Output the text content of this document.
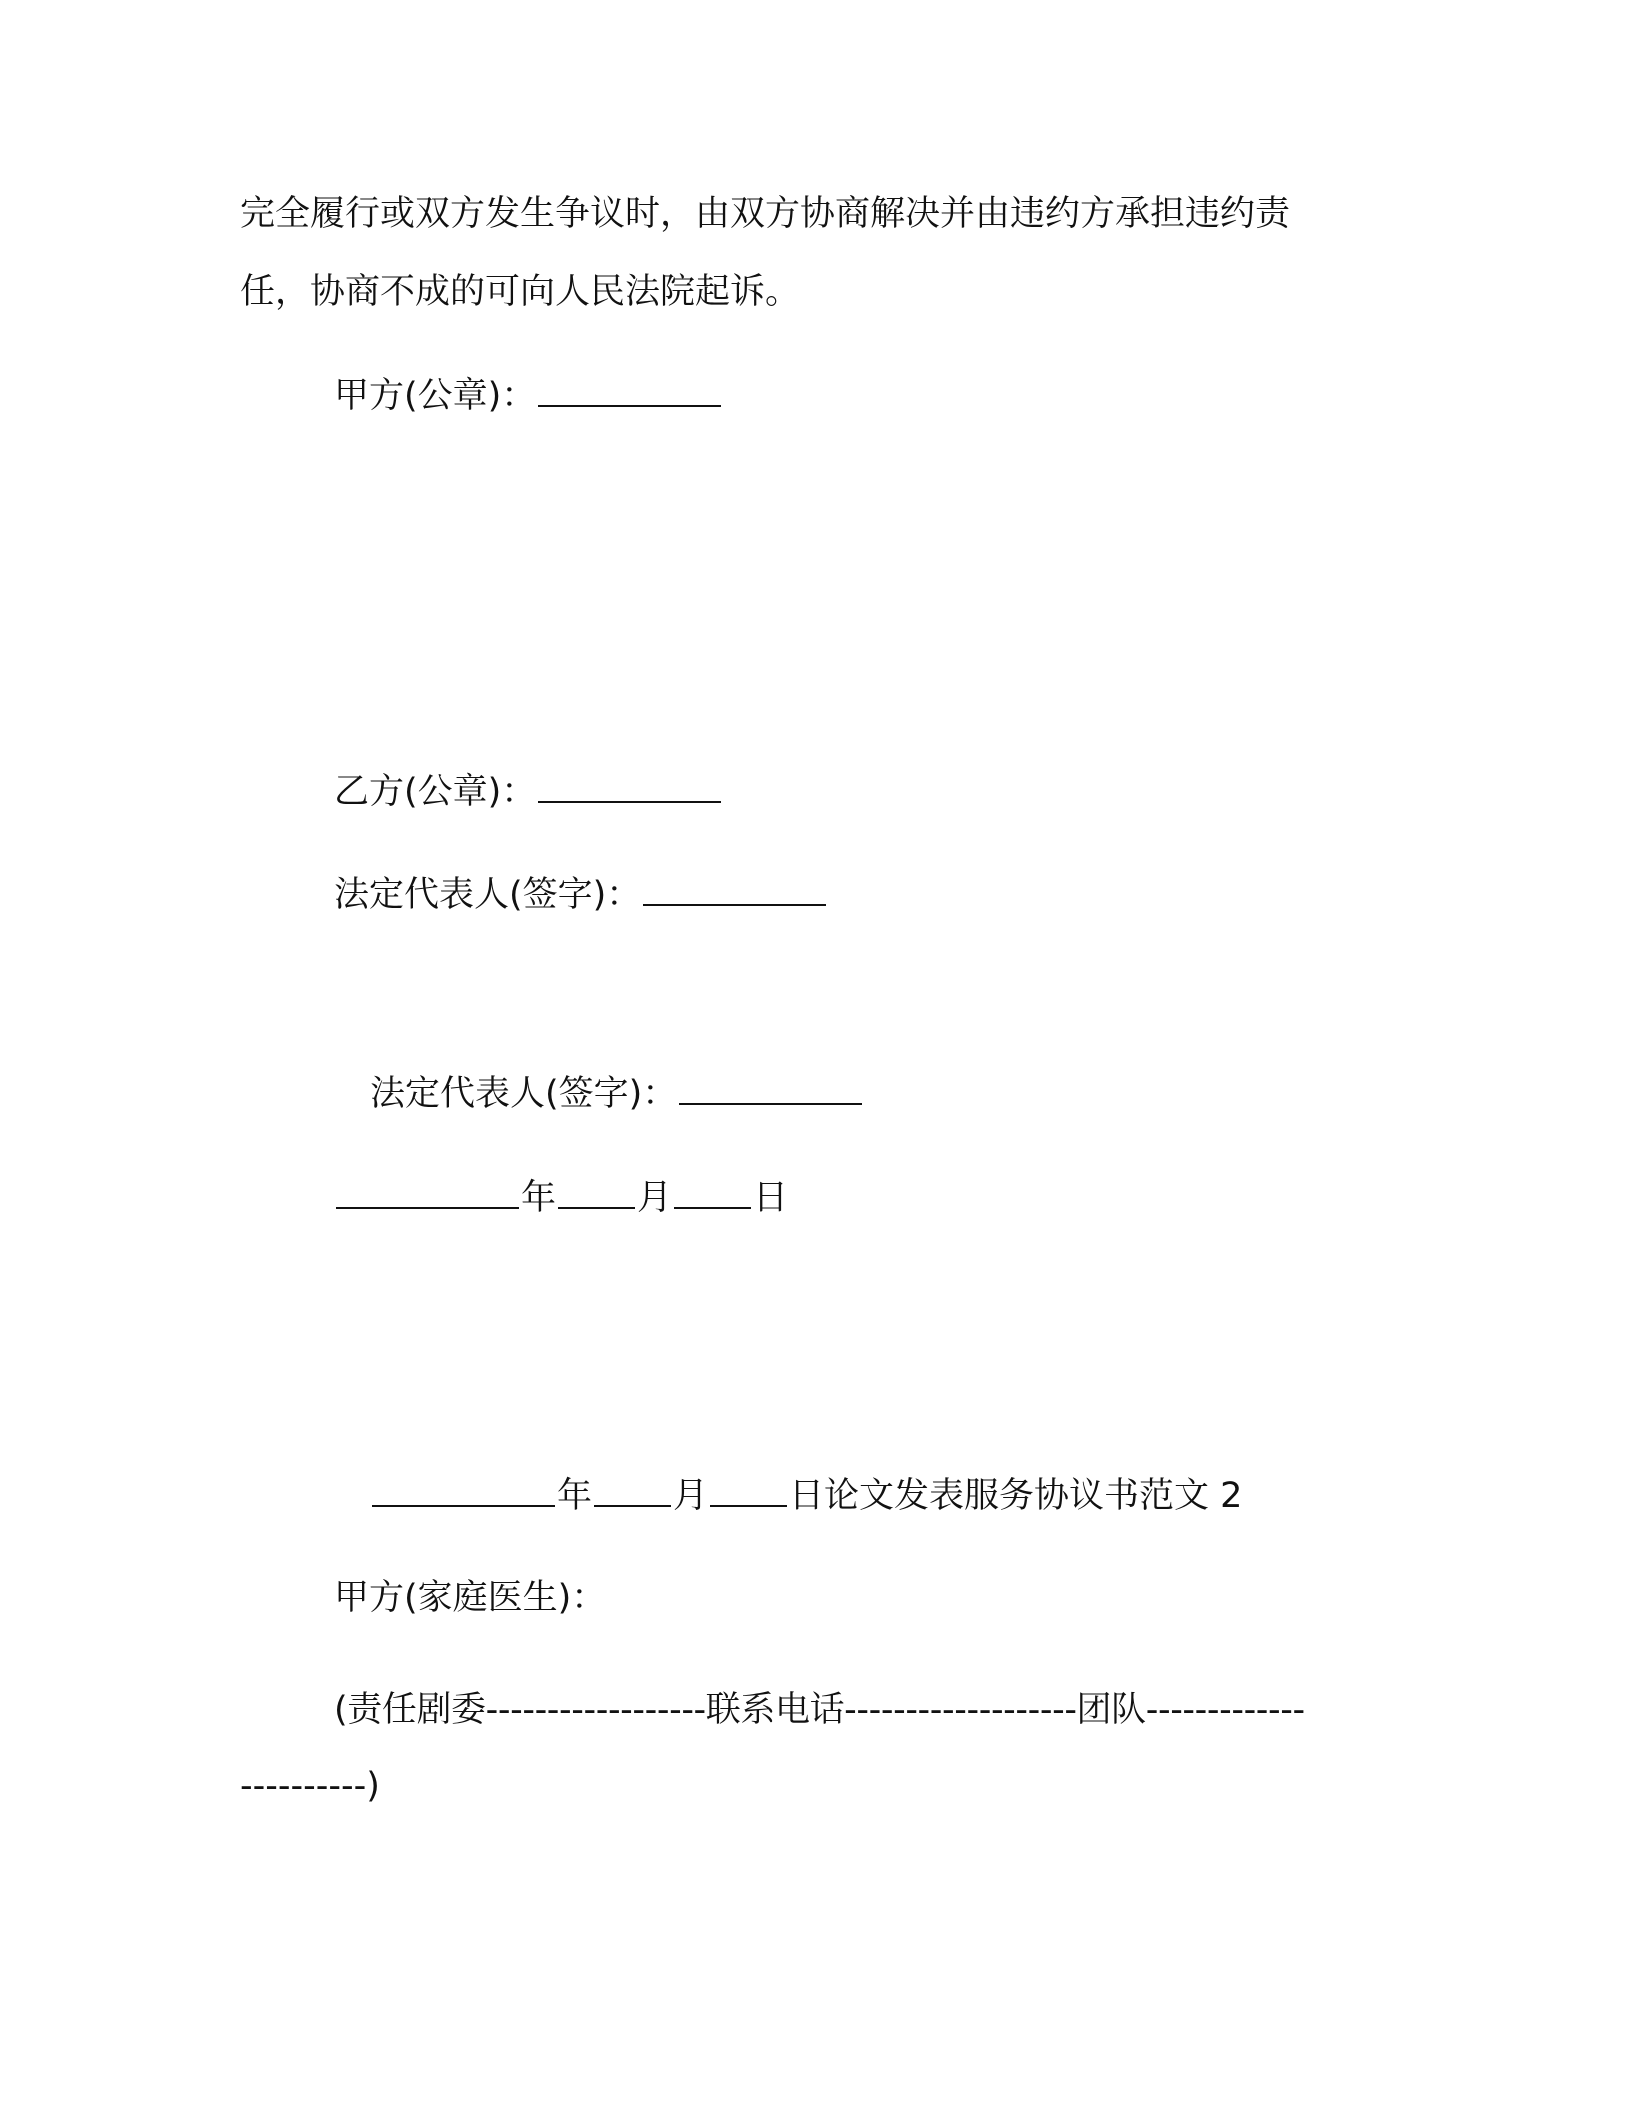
完全履行或双方发生争议时，由双方协商解决并由违约方承担违约责
任，协商不成的可向人民法院起诉。
甲方(公章)：
乙方(公章)：
法定代表人(签字)：
法定代表人(签字)：
年 月 日
年 月 日论文发表服务协议书范文 2
甲方(家庭医生)：
(责任剧委------------------联系电话-------------------团队-------------
----------)
